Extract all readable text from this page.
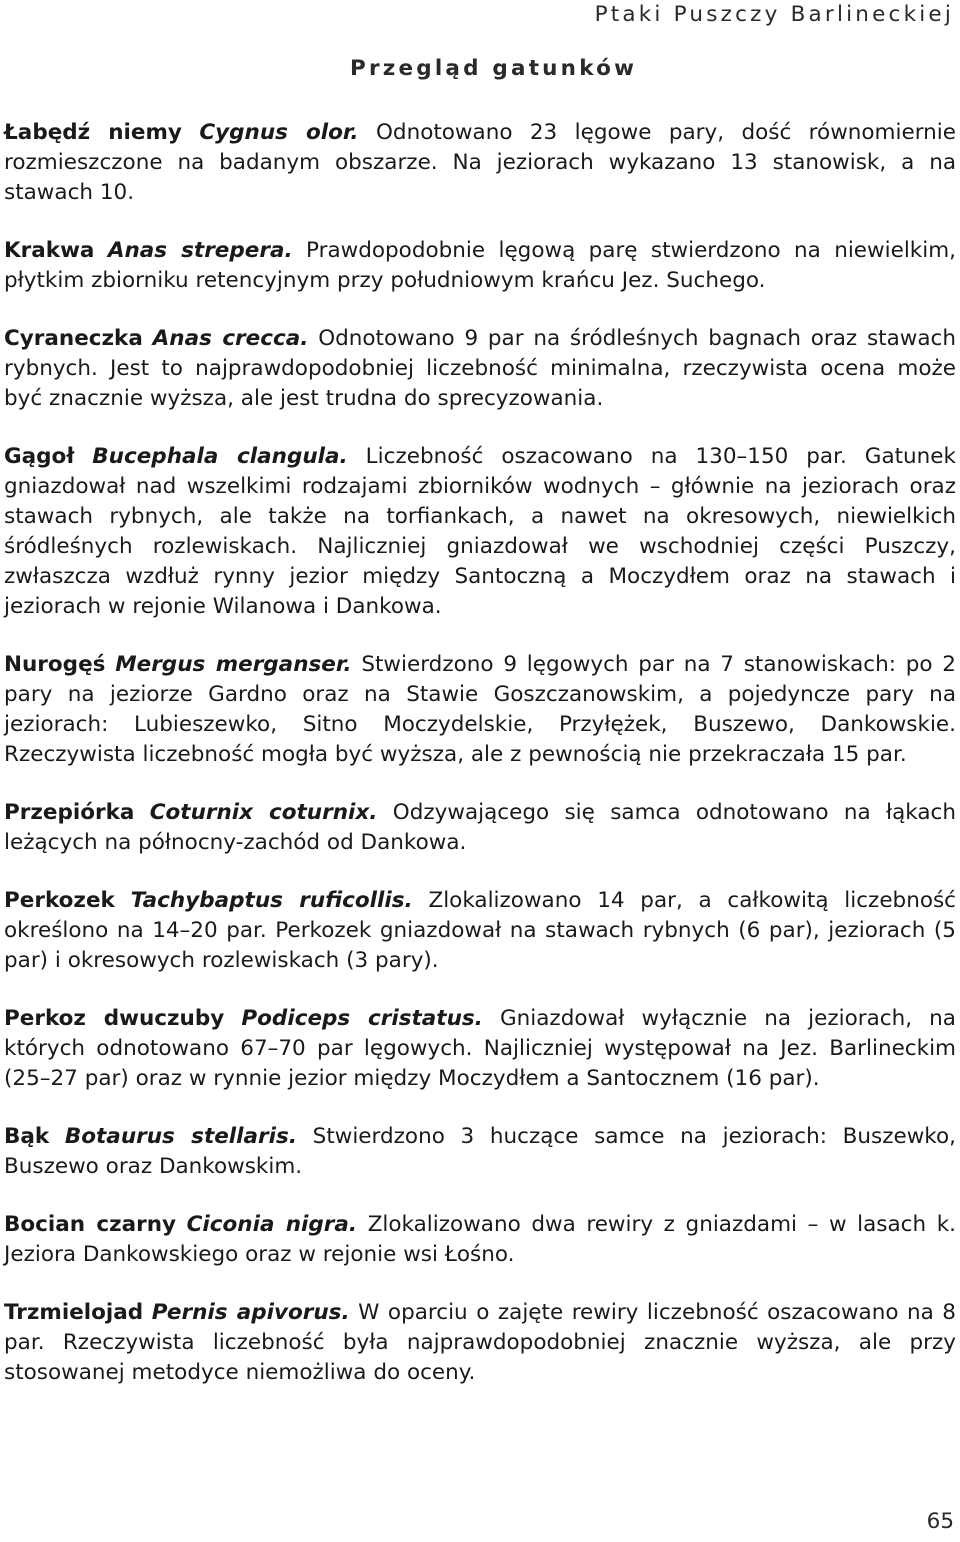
Ptaki Puszczy Barlineckiej
Przegląd gatunków

Łabędź niemy Cygnus olor. Odnotowano 23 lęgowe pary, dość równomiernie rozmieszczone na badanym obszarze. Na jeziorach wykazano 13 stanowisk, a na stawach 10.

Krakwa Anas strepera. Prawdopodobnie lęgową parę stwierdzono na niewielkim, płytkim zbiorniku retencyjnym przy południowym krańcu Jez. Suchego.

Cyraneczka Anas crecca. Odnotowano 9 par na śródleśnych bagnach oraz stawach rybnych. Jest to najprawdopodobniej liczebność minimalna, rzeczywista ocena może być znacznie wyższa, ale jest trudna do sprecyzowania.

Gągoł Bucephala clangula. Liczebność oszacowano na 130–150 par. Gatunek gniazdował nad wszelkimi rodzajami zbiorników wodnych – głównie na jeziorach oraz stawach rybnych, ale także na torfiankach, a nawet na okresowych, niewielkich śródleśnych rozlewiskach. Najliczniej gniazdował we wschodniej części Puszczy, zwłaszcza wzdłuż rynny jezior między Santoczną a Moczydłem oraz na stawach i jeziorach w rejonie Wilanowa i Dankowa.

Nurogęś Mergus merganser. Stwierdzono 9 lęgowych par na 7 stanowiskach: po 2 pary na jeziorze Gardno oraz na Stawie Goszczanowskim, a pojedyncze pary na jeziorach: Lubieszewko, Sitno Moczydelskie, Przyłężek, Buszewo, Dankowskie. Rzeczywista liczebność mogła być wyższa, ale z pewnością nie przekraczała 15 par.

Przepiórka Coturnix coturnix. Odzywającego się samca odnotowano na łąkach leżących na północny-zachód od Dankowa.

Perkozek Tachybaptus ruficollis. Zlokalizowano 14 par, a całkowitą liczebność określono na 14–20 par. Perkozek gniazdował na stawach rybnych (6 par), jeziorach (5 par) i okresowych rozlewiskach (3 pary).

Perkoz dwuczuby Podiceps cristatus. Gniazdował wyłącznie na jeziorach, na których odnotowano 67–70 par lęgowych. Najliczniej występował na Jez. Barlineckim (25–27 par) oraz w rynnie jezior między Moczydłem a Santocznem (16 par).

Bąk Botaurus stellaris. Stwierdzono 3 huczące samce na jeziorach: Buszewko, Buszewo oraz Dankowskim.

Bocian czarny Ciconia nigra. Zlokalizowano dwa rewiry z gniazdami – w lasach k. Jeziora Dankowskiego oraz w rejonie wsi Łośno.

Trzmielojad Pernis apivorus. W oparciu o zajęte rewiry liczebność oszacowano na 8 par. Rzeczywista liczebność była najprawdopodobniej znacznie wyższa, ale przy stosowanej metodyce niemożliwa do oceny.

65
